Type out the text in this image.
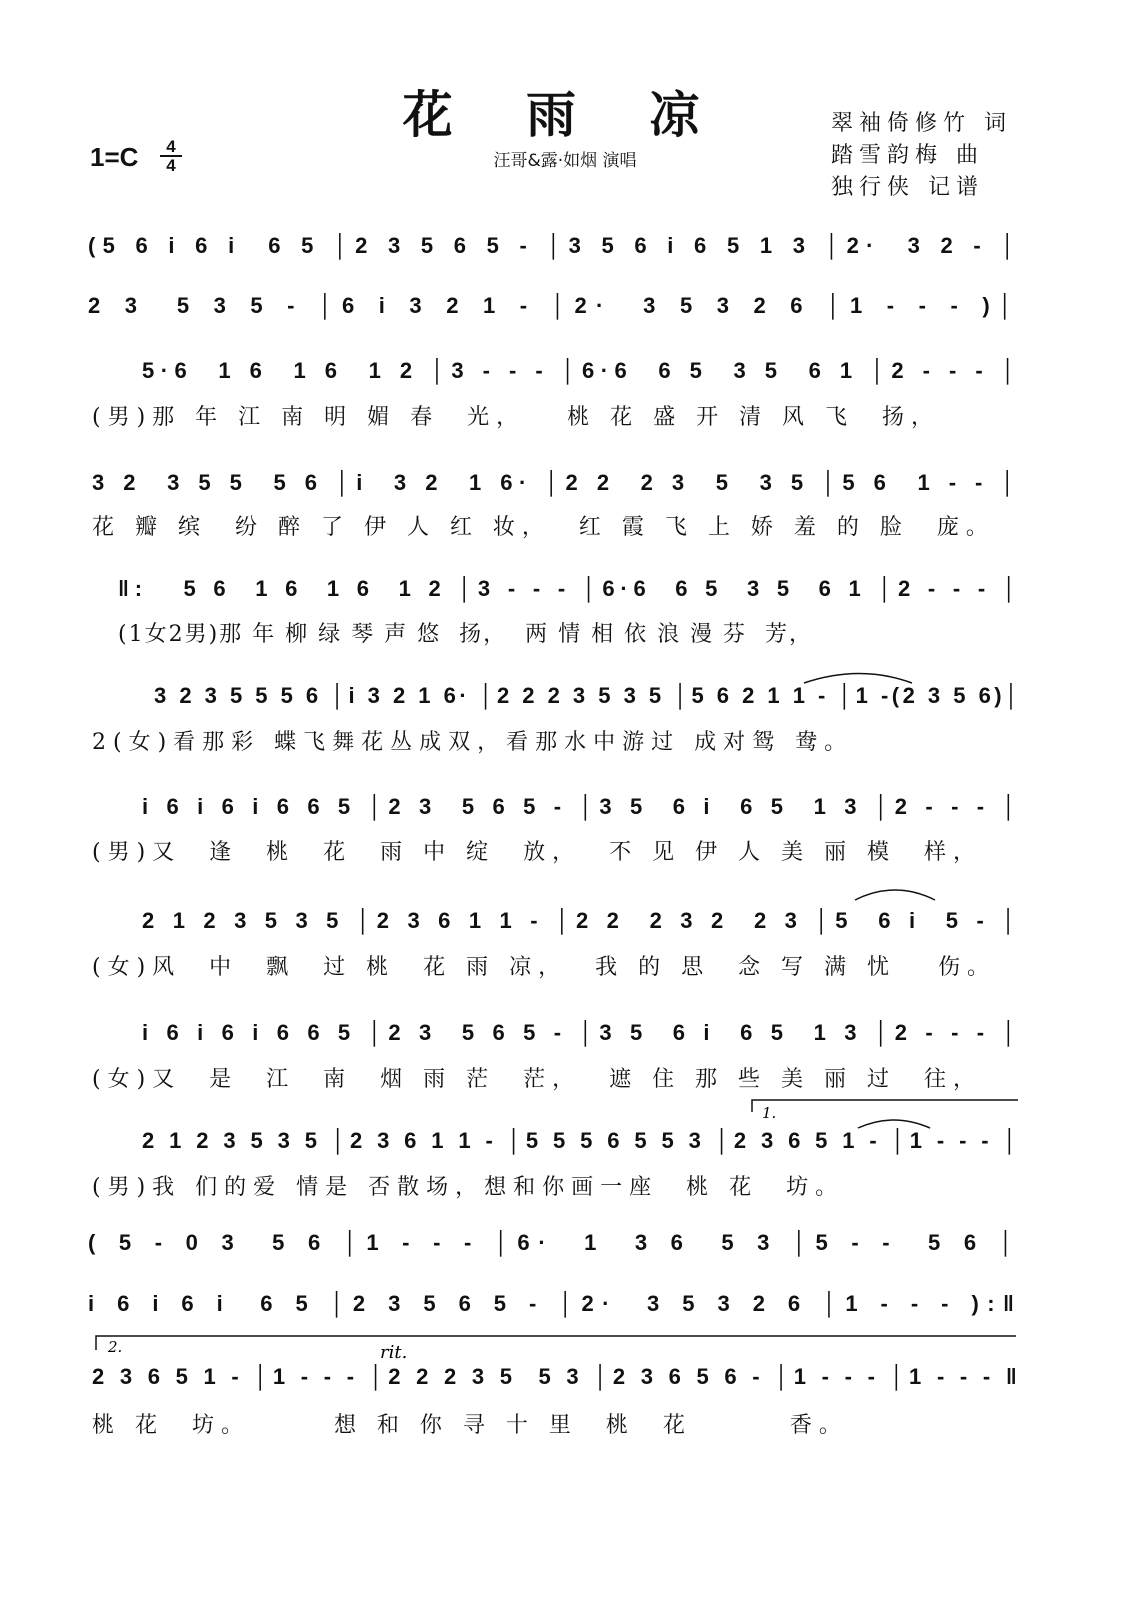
花 雨 凉
汪哥&露·如烟 演唱
1=C	4
4
翠袖倚修竹 词
踏雪韵梅 曲
独行侠 记谱
1.
2.	rit.
(5 6 i 6 i  6 5 │2 3 5 6 5 - │3 5 6 i 6 5 1 3 │2·  3 2 - │
2 3  5 3 5 - │6 i 3 2 1 - │2·  3 5 3 2 6 │1 - - - )│
5·6  1 6  1 6  1 2 │3 - - - │6·6  6 5  3 5  6 1 │2 - - - │
(男)那 年 江 南 明 媚 春  光，   桃 花 盛 开 清 风 飞  扬，
3 2  3 5 5  5 6 │i  3 2  1 6· │2 2  2 3  5  3 5 │5 6  1 - - │
花 瓣 缤  纷 醉 了 伊 人 红 妆，  红 霞 飞 上 娇 羞 的 脸  庞。
‖:   5 6  1 6  1 6  1 2 │3 - - - │6·6  6 5  3 5  6 1 │2 - - - │
(1女2男)那 年 柳 绿 琴 声 悠  扬，  两 情 相 依 浪 漫 芬  芳，
3 2 3 5 5 5 6 │i 3 2 1 6· │2 2 2 3 5 3 5 │5 6 2 1 1 - │1 -(2 3 5 6)│
2(女)看那彩 蝶飞舞花丛成双，看那水中游过 成对鸳 鸯。
i 6 i 6 i 6 6 5 │2 3  5 6 5 - │3 5  6 i  6 5  1 3 │2 - - - │
(男)又  逢  桃  花  雨 中 绽  放，  不 见 伊 人 美 丽 模  样，
2 1 2 3 5 3 5 │2 3 6 1 1 - │2 2  2 3 2  2 3 │5  6 i  5 - │
(女)风  中  飘  过 桃  花 雨 凉，  我 的 思  念 写 满 忧   伤。
i 6 i 6 i 6 6 5 │2 3  5 6 5 - │3 5  6 i  6 5  1 3 │2 - - - │
(女)又  是  江  南  烟 雨 茫  茫，  遮 住 那 些 美 丽 过  往，
2 1 2 3 5 3 5 │2 3 6 1 1 - │5 5 5 6 5 5 3 │2 3 6 5 1 - │1 - - - │
(男)我 们的爱 情是 否散场，想和你画一座  桃 花  坊。
( 5 - 0 3  5 6 │1 - - - │6·  1  3 6  5 3 │5 - -  5 6 │
i 6 i 6 i  6 5 │2 3 5 6 5 - │2·  3 5 3 2 6 │1 - - - ):‖
2 3 6 5 1 - │1 - - - │2 2 2 3 5  5 3 │2 3 6 5 6 - │1 - - - │1 - - - ‖
桃 花  坊。      想 和 你 寻 十 里  桃  花       香。
